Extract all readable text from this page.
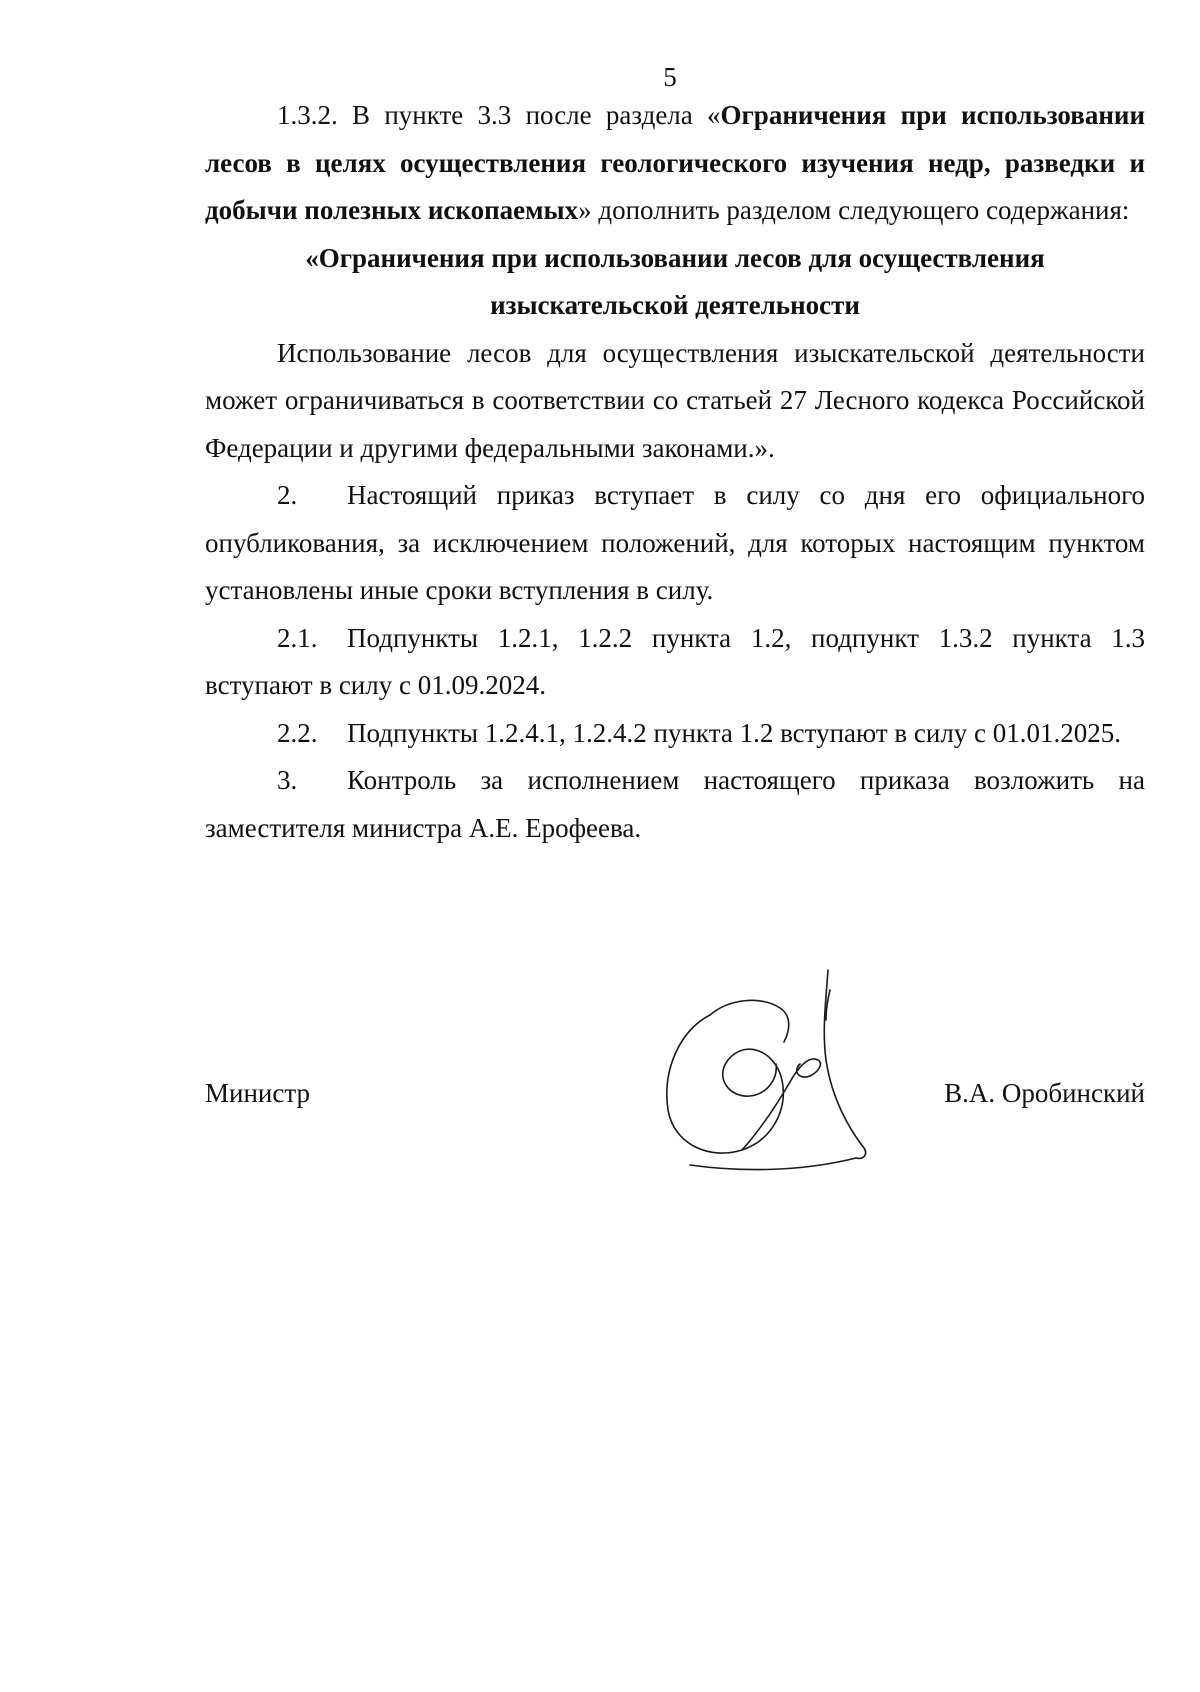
5

1.3.2. В пункте 3.3 после раздела «Ограничения при использовании лесов в целях осуществления геологического изучения недр, разведки и добычи полезных ископаемых» дополнить разделом следующего содержания:

«Ограничения при использовании лесов для осуществления
изыскательской деятельности

Использование лесов для осуществления изыскательской деятельности может ограничиваться в соответствии со статьей 27 Лесного кодекса Российской Федерации и другими федеральными законами.».

2. Настоящий приказ вступает в силу со дня его официального опубликования, за исключением положений, для которых настоящим пунктом установлены иные сроки вступления в силу.

2.1. Подпункты 1.2.1, 1.2.2 пункта 1.2, подпункт 1.3.2 пункта 1.3 вступают в силу с 01.09.2024.

2.2. Подпункты 1.2.4.1, 1.2.4.2 пункта 1.2 вступают в силу с 01.01.2025.

3. Контроль за исполнением настоящего приказа возложить на заместителя министра А.Е. Ерофеева.

Министр	В.А. Оробинский
